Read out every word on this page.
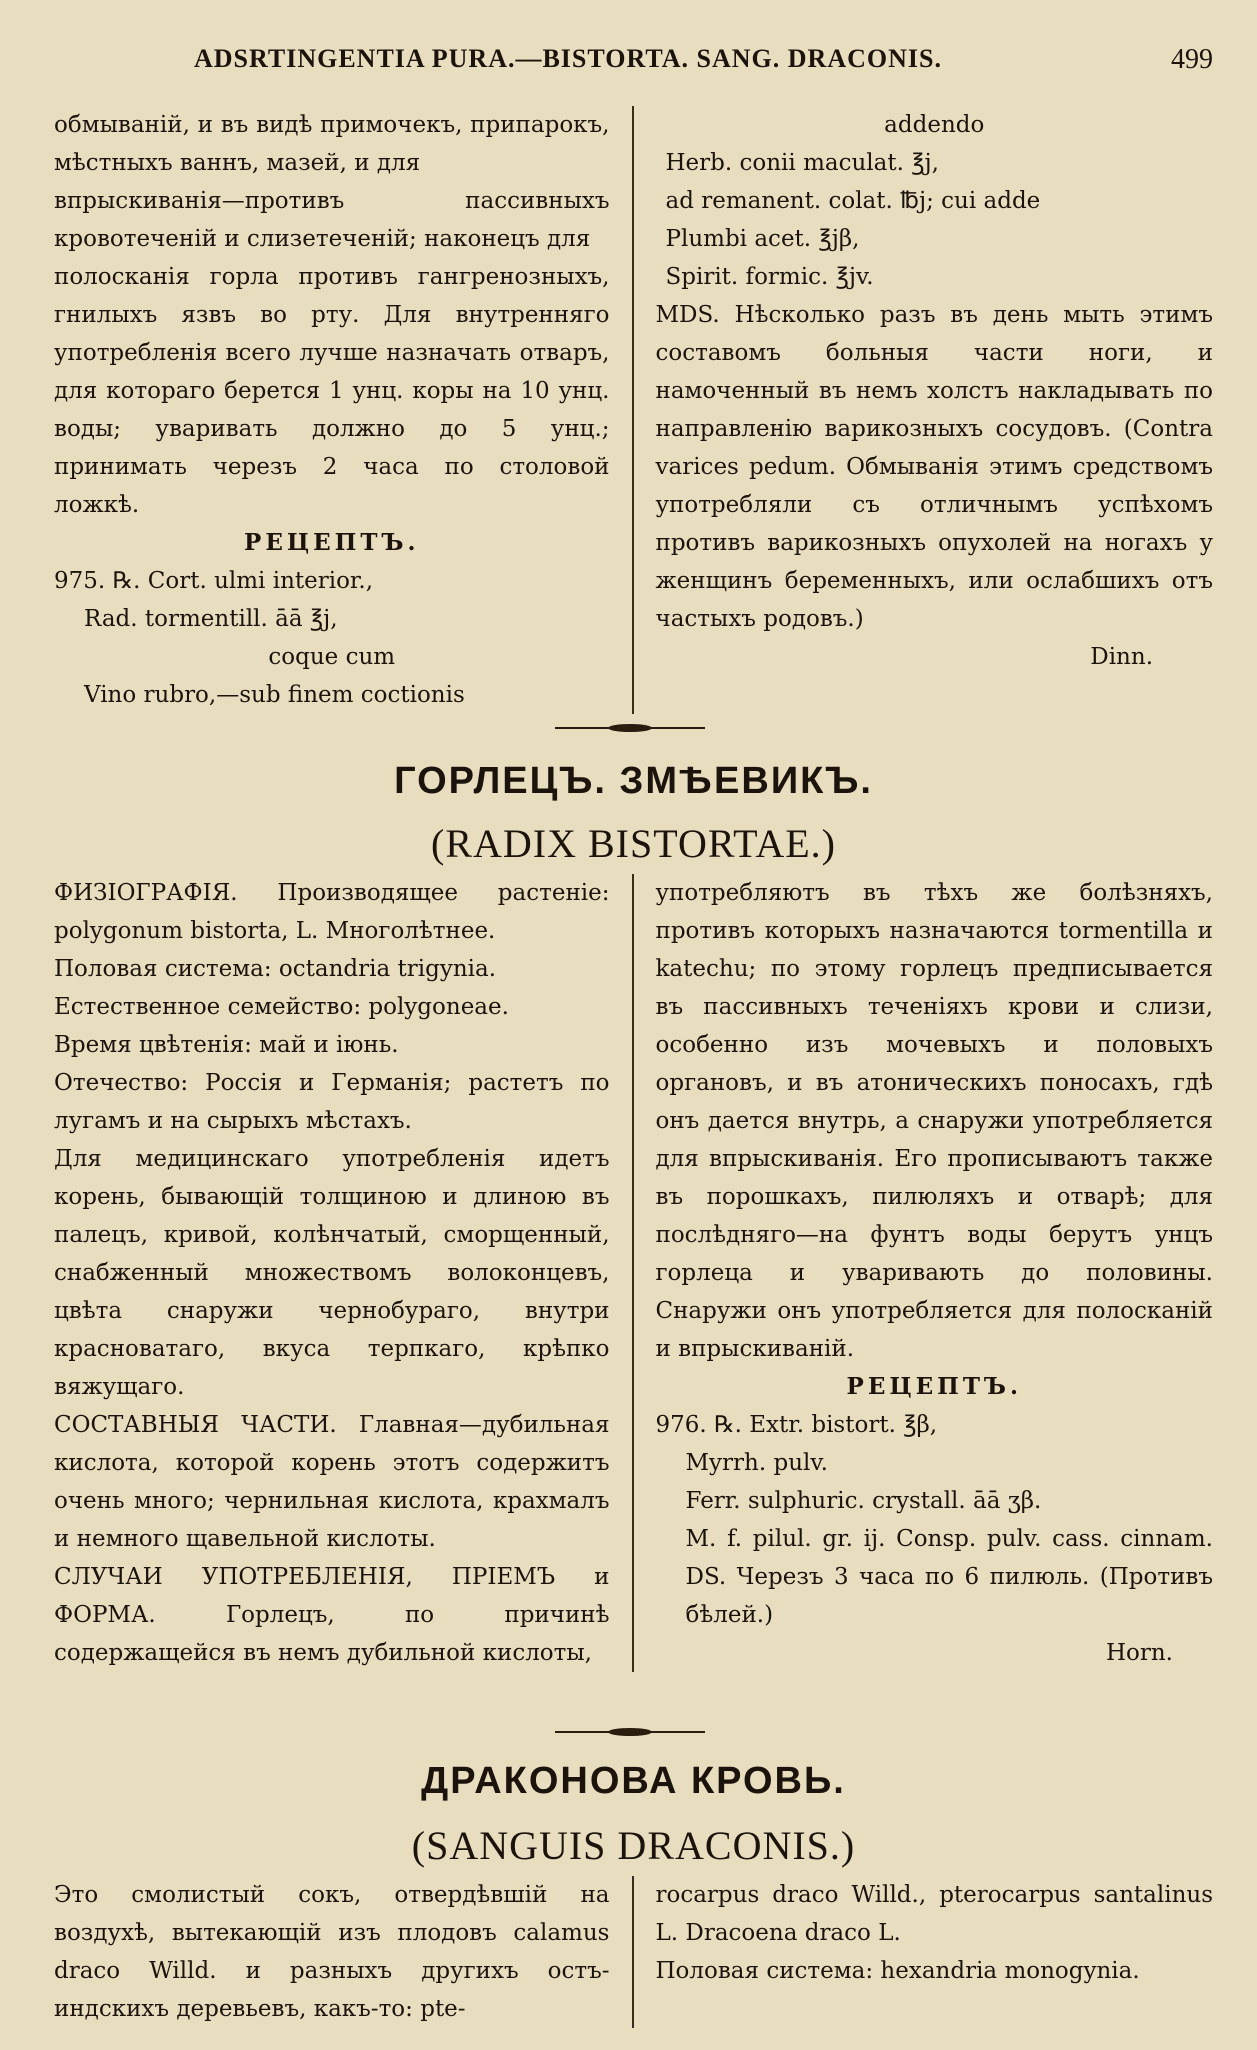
ADSRTINGENTIA PURA.—BISTORTA. SANG. DRACONIS.	499

обмыванiй, и въ видѣ примочекъ, припарокъ, мѣстныхъ ваннъ, мазей, и для

впрыскиванiя—противъ пассивныхъ кровотеченiй и слизетеченiй; наконецъ для

полосканiя горла противъ гангренозныхъ, гнилыхъ язвъ во рту. Для внутренняго употребленiя всего лучше назначать отваръ, для котораго берется 1 унц. коры на 10 унц. воды; уваривать должно до 5 унц.; принимать черезъ 2 часа по столовой ложкѣ.

РЕЦЕПТЪ.

975. ℞. Cort. ulmi interior.,

Rad. tormentill. āā ℥j,

coque cum

Vino rubro,—sub finem coctionis

addendo

Herb. conii maculat. ℥j,

ad remanent. colat. ℔j; cui adde

Plumbi acet. ℥jβ,

Spirit. formic. ℥jv.

MDS. Нѣсколько разъ въ день мыть этимъ составомъ больныя части ноги, и намоченный въ немъ холстъ накладывать по направленiю варикозныхъ сосудовъ. (Contra varices pedum. Обмыванiя этимъ средствомъ употребляли съ отличнымъ успѣхомъ противъ варикозныхъ опухолей на ногахъ у женщинъ беременныхъ, или ослабшихъ отъ частыхъ родовъ.)

Dinn.

ГОРЛЕЦЪ. ЗМѢЕВИКЪ.
(RADIX BISTORTAE.)

ФИЗIОГРАФIЯ. Производящее растенiе: polygonum bistorta, L. Многолѣтнее.

Половая система: octandria trigynia.

Естественное семейство: polygoneae.

Время цвѣтенiя: май и iюнь.

Отечество: Россiя и Германiя; растетъ по лугамъ и на сырыхъ мѣстахъ.

Для медицинскаго употребленiя идетъ корень, бывающiй толщиною и длиною въ палецъ, кривой, колѣнчатый, сморщенный, снабженный множествомъ волоконцевъ, цвѣта снаружи чернобураго, внутри красноватаго, вкуса терпкаго, крѣпко вяжущаго.

СОСТАВНЫЯ ЧАСТИ. Главная—дубильная кислота, которой корень этотъ содержитъ очень много; чернильная кислота, крахмалъ и немного щавельной кислоты.

СЛУЧАИ УПОТРЕБЛЕНIЯ, ПРIЕМЪ и ФОРМА. Горлецъ, по причинѣ содержащейся въ немъ дубильной кислоты,

употребляютъ въ тѣхъ же болѣзняхъ, противъ которыхъ назначаются tormentilla и katechu; по этому горлецъ предписывается въ пассивныхъ теченiяхъ крови и слизи, особенно изъ мочевыхъ и половыхъ органовъ, и въ атоническихъ поносахъ, гдѣ онъ дается внутрь, а снаружи употребляется для впрыскиванiя. Его прописываютъ также въ порошкахъ, пилюляхъ и отварѣ; для послѣдняго—на фунтъ воды берутъ унцъ горлеца и уваривають до половины. Снаружи онъ употребляется для полосканiй и впрыскиванiй.

РЕЦЕПТЪ.

976. ℞. Extr. bistort. ℥β,

Myrrh. pulv.

Ferr. sulphuric. crystall. āā ʒβ.

M. f. pilul. gr. ij. Consp. pulv. cass. cinnam. DS. Черезъ 3 часа по 6 пилюль. (Противъ бѣлей.)

Horn.

ДРАКОНОВА КРОВЬ.
(SANGUIS DRACONIS.)

Это смолистый сокъ, отвердѣвшiй на воздухѣ, вытекающiй изъ плодовъ calamus draco Willd. и разныхъ другихъ остъ-индскихъ деревьевъ, какъ-то: pte-

rocarpus draco Willd., pterocarpus santalinus L. Dracoena draco L.

Половая система: hexandria monogynia.
